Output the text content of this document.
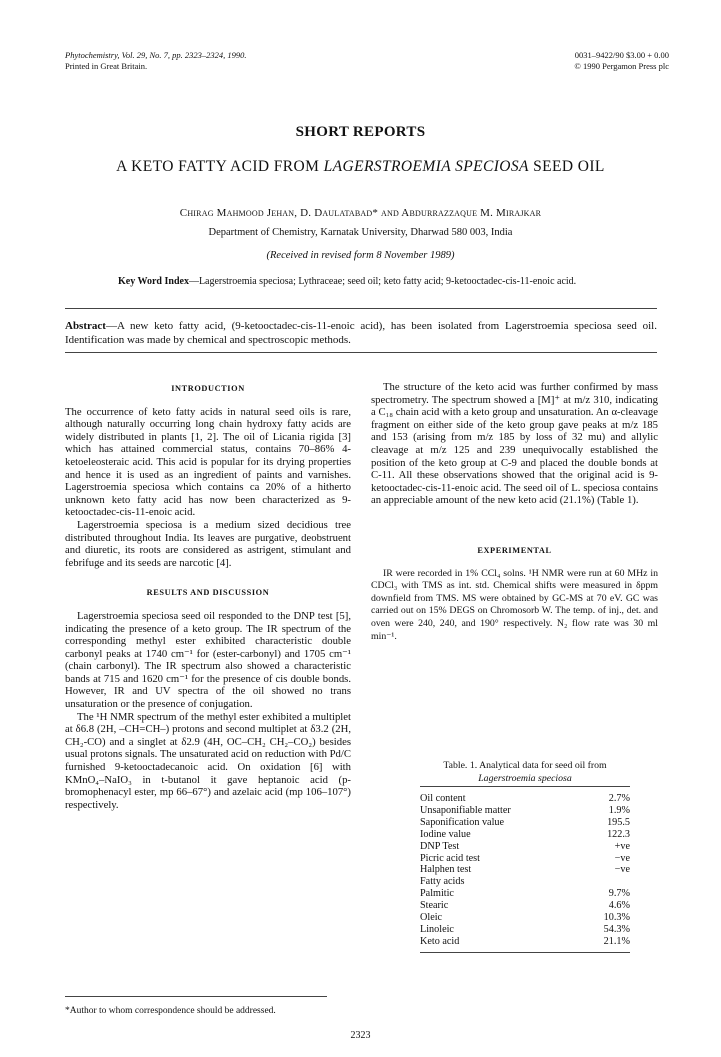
Phytochemistry, Vol. 29, No. 7, pp. 2323–2324, 1990.
Printed in Great Britain.
0031–9422/90 $3.00 + 0.00
© 1990 Pergamon Press plc
SHORT REPORTS
A KETO FATTY ACID FROM LAGERSTROEMIA SPECIOSA SEED OIL
Chirag Mahmood Jehan, D. Daulatabad* and Abdurrazzaque M. Mirajkar
Department of Chemistry, Karnatak University, Dharwad 580 003, India
(Received in revised form 8 November 1989)
Key Word Index—Lagerstroemia speciosa; Lythraceae; seed oil; keto fatty acid; 9-ketooctadec-cis-11-enoic acid.
Abstract—A new keto fatty acid, (9-ketooctadec-cis-11-enoic acid), has been isolated from Lagerstroemia speciosa seed oil. Identification was made by chemical and spectroscopic methods.
INTRODUCTION

The occurrence of keto fatty acids in natural seed oils is rare, although naturally occurring long chain hydroxy fatty acids are widely distributed in plants [1, 2]. The oil of Licania rigida [3] which has attained commercial status, contains 70–86% 4-ketoeleosteraic acid. This acid is popular for its drying properties and hence it is used as an ingredient of paints and varnishes. Lagerstroemia speciosa which contains ca 20% of a hitherto unknown keto fatty acid has now been characterized as 9-ketooctadec-cis-11-enoic acid.

Lagerstroemia speciosa is a medium sized decidious tree distributed throughout India. Its leaves are purgative, deobstruent and diuretic, its roots are considered as astrigent, stimulant and febrifuge and its seeds are narcotic [4].

RESULTS AND DISCUSSION

Lagerstroemia speciosa seed oil responded to the DNP test [5], indicating the presence of a keto group. The IR spectrum of the corresponding methyl ester exhibited characteristic double carbonyl peaks at 1740 cm⁻¹ for (ester-carbonyl) and 1705 cm⁻¹ (chain carbonyl). The IR spectrum also showed a characteristic bands at 715 and 1620 cm⁻¹ for the presence of cis double bonds. However, IR and UV spectra of the oil showed no trans unsaturation or the presence of conjugation.

The ¹H NMR spectrum of the methyl ester exhibited a multiplet at δ6.8 (2H, –CH=CH–) protons and second multiplet at δ3.2 (2H, CH₂-CO) and a singlet at δ2.9 (4H, OC–CH₂ CH₂–CO₂) besides usual protons signals. The unsaturated acid on reduction with Pd/C furnished 9-ketooctadecanoic acid. On oxidation [6] with KMnO₄–NaIO₃ in t-butanol it gave heptanoic acid (p-bromophenacyl ester, mp 66–67°) and azelaic acid (mp 106–107°) respectively.

The structure of the keto acid was further confirmed by mass spectrometry. The spectrum showed a [M]⁺ at m/z 310, indicating a C₁₈ chain acid with a keto group and unsaturation. An α-cleavage fragment on either side of the keto group gave peaks at m/z 185 and 153 (arising from m/z 185 by loss of 32 mu) and allylic cleavage at m/z 125 and 239 unequivocally established the position of the keto group at C-9 and placed the double bonds at C-11. All these observations showed that the original acid is 9-ketooctadec-cis-11-enoic acid. The seed oil of L. speciosa contains an appreciable amount of the new keto acid (21.1%) (Table 1).

EXPERIMENTAL

IR were recorded in 1% CCl₄ solns. ¹H NMR were run at 60 MHz in CDCl₃ with TMS as int. std. Chemical shifts were measured in δppm downfield from TMS. MS were obtained by GC-MS at 70 eV. GC was carried out on 15% DEGS on Chromosorb W. The temp. of inj., det. and oven were 240, 240, and 190° respectively. N₂ flow rate was 30 ml min⁻¹.

Table. 1. Analytical data for seed oil from
Lagerstroemia speciosa
Oil content	2.7%
Unsaponifiable matter	1.9%
Saponification value	195.5
Iodine value	122.3
DNP Test	+ve
Picric acid test	−ve
Halphen test	−ve
Fatty acids
Palmitic	9.7%
Stearic	4.6%
Oleic	10.3%
Linoleic	54.3%
Keto acid	21.1%
*Author to whom correspondence should be addressed.
2323
